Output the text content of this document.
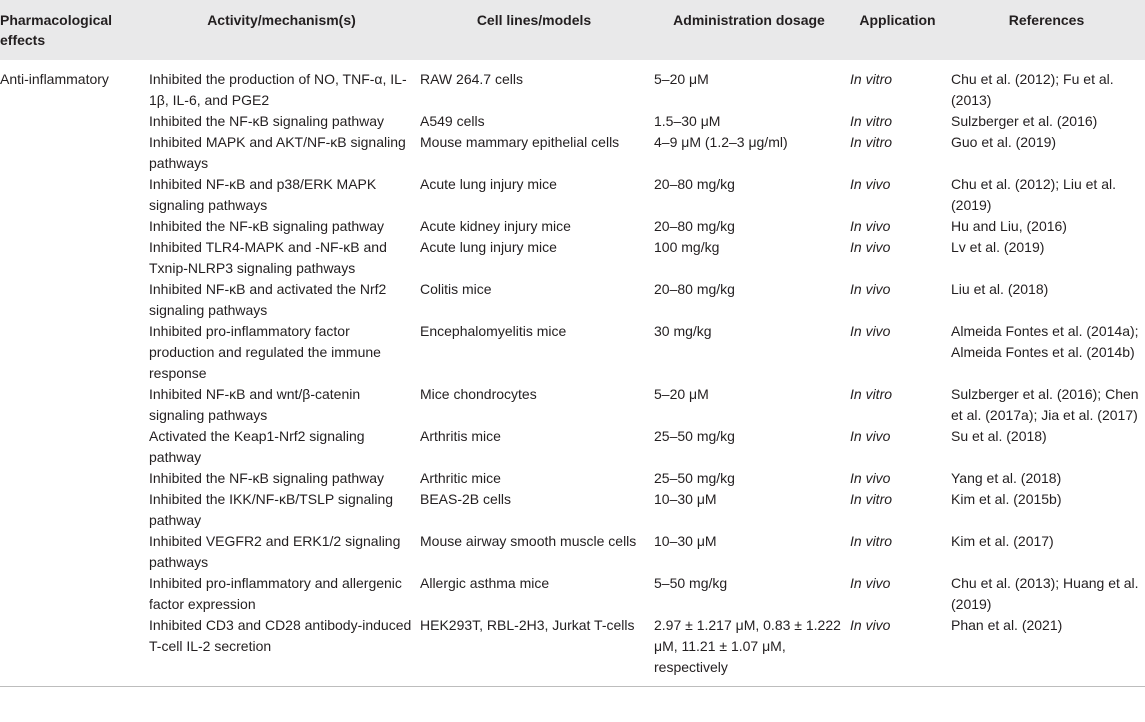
Pharmacological effects	Activity/mechanism(s)	Cell lines/models	Administration dosage	Application	References
Anti-inflammatory	Inhibited the production of NO, TNF-α, IL-1β, IL-6, and PGE2	RAW 264.7 cells	5–20 μM	In vitro	Chu et al. (2012); Fu et al. (2013)
	Inhibited the NF-κB signaling pathway	A549 cells	1.5–30 μM	In vitro	Sulzberger et al. (2016)
	Inhibited MAPK and AKT/NF-κB signaling pathways	Mouse mammary epithelial cells	4–9 μM (1.2–3 μg/ml)	In vitro	Guo et al. (2019)
	Inhibited NF-κB and p38/ERK MAPK signaling pathways	Acute lung injury mice	20–80 mg/kg	In vivo	Chu et al. (2012); Liu et al. (2019)
	Inhibited the NF-κB signaling pathway	Acute kidney injury mice	20–80 mg/kg	In vivo	Hu and Liu, (2016)
	Inhibited TLR4-MAPK and -NF-κB and Txnip-NLRP3 signaling pathways	Acute lung injury mice	100 mg/kg	In vivo	Lv et al. (2019)
	Inhibited NF-κB and activated the Nrf2 signaling pathways	Colitis mice	20–80 mg/kg	In vivo	Liu et al. (2018)
	Inhibited pro-inflammatory factor production and regulated the immune response	Encephalomyelitis mice	30 mg/kg	In vivo	Almeida Fontes et al. (2014a); Almeida Fontes et al. (2014b)
	Inhibited NF-κB and wnt/β-catenin signaling pathways	Mice chondrocytes	5–20 μM	In vitro	Sulzberger et al. (2016); Chen et al. (2017a); Jia et al. (2017)
	Activated the Keap1-Nrf2 signaling pathway	Arthritis mice	25–50 mg/kg	In vivo	Su et al. (2018)
	Inhibited the NF-κB signaling pathway	Arthritic mice	25–50 mg/kg	In vivo	Yang et al. (2018)
	Inhibited the IKK/NF-κB/TSLP signaling pathway	BEAS-2B cells	10–30 μM	In vitro	Kim et al. (2015b)
	Inhibited VEGFR2 and ERK1/2 signaling pathways	Mouse airway smooth muscle cells	10–30 μM	In vitro	Kim et al. (2017)
	Inhibited pro-inflammatory and allergenic factor expression	Allergic asthma mice	5–50 mg/kg	In vivo	Chu et al. (2013); Huang et al. (2019)
	Inhibited CD3 and CD28 antibody-induced T-cell IL-2 secretion	HEK293T, RBL-2H3, Jurkat T-cells	2.97 ± 1.217 μM, 0.83 ± 1.222 μM, 11.21 ± 1.07 μM, respectively	In vivo	Phan et al. (2021)
